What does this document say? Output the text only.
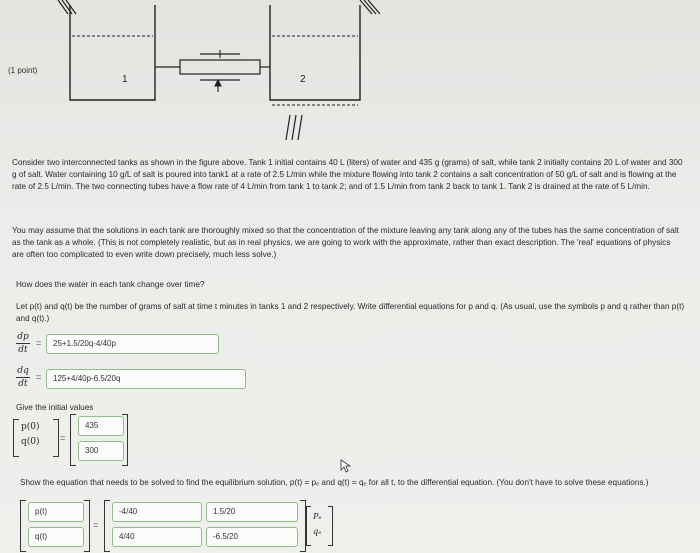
1	2
(1 point)
Consider two interconnected tanks as shown in the figure above. Tank 1 initial contains 40 L (liters) of water and 435 g (grams) of salt, while tank 2 initially contains 20 L of water and 300 g of salt. Water containing 10 g/L of salt is poured into tank1 at a rate of 2.5 L/min while the mixture flowing into tank 2 contains a salt concentration of 50 g/L of salt and is flowing at the rate of 2.5 L/min. The two connecting tubes have a flow rate of 4 L/min from tank 1 to tank 2; and of 1.5 L/min from tank 2 back to tank 1. Tank 2 is drained at the rate of 5 L/min.
You may assume that the solutions in each tank are thoroughly mixed so that the concentration of the mixture leaving any tank along any of the tubes has the same concentration of salt as the tank as a whole. (This is not completely realistic, but as in real physics, we are going to work with the approximate, rather than exact description. The 'real' equations of physics are often too complicated to even write down precisely, much less solve.)
How does the water in each tank change over time?
Let p(t) and q(t) be the number of grams of salt at time t minutes in tanks 1 and 2 respectively. Write differential equations for p and q. (As usual, use the symbols p and q rather than p(t) and q(t).)
$\frac{dp}{dt}$ =	25+1.5/20q-4/40p
$\frac{dq}{dt}$ =	125+4/40p-6.5/20q
Give the initial values
p(0)
q(0) =
435
300
Show the equation that needs to be solved to find the equilibrium solution, p(t) = pₑ and q(t) = qₑ for all t, to the differential equation. (You don't have to solve these equations.)
p(t)
q(t)
=
-4/40	1.5/20
4/40	-6.5/20
Pₑ
qₑ
